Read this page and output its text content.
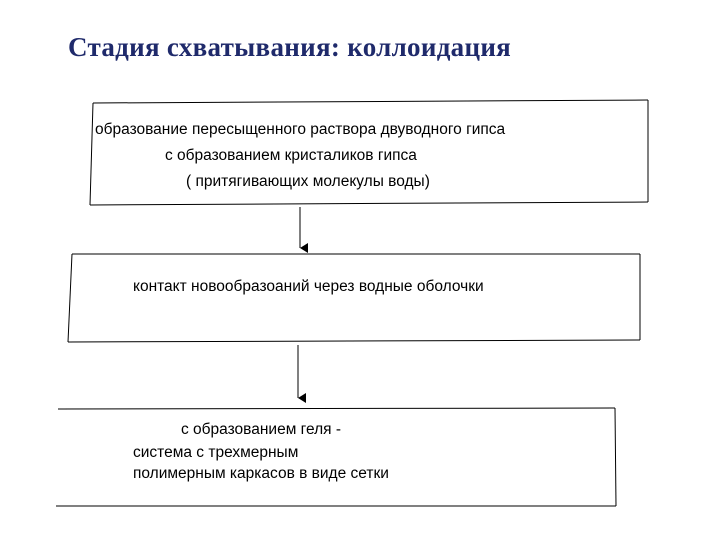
Стадия схватывания: коллоидация
образование пересыщенного раствора двуводного гипса
с образованием кристаликов гипса
( притягивающих молекулы воды)
контакт новообразоаний через водные оболочки
с образованием геля -
система с трехмерным
полимерным каркасов в виде сетки
